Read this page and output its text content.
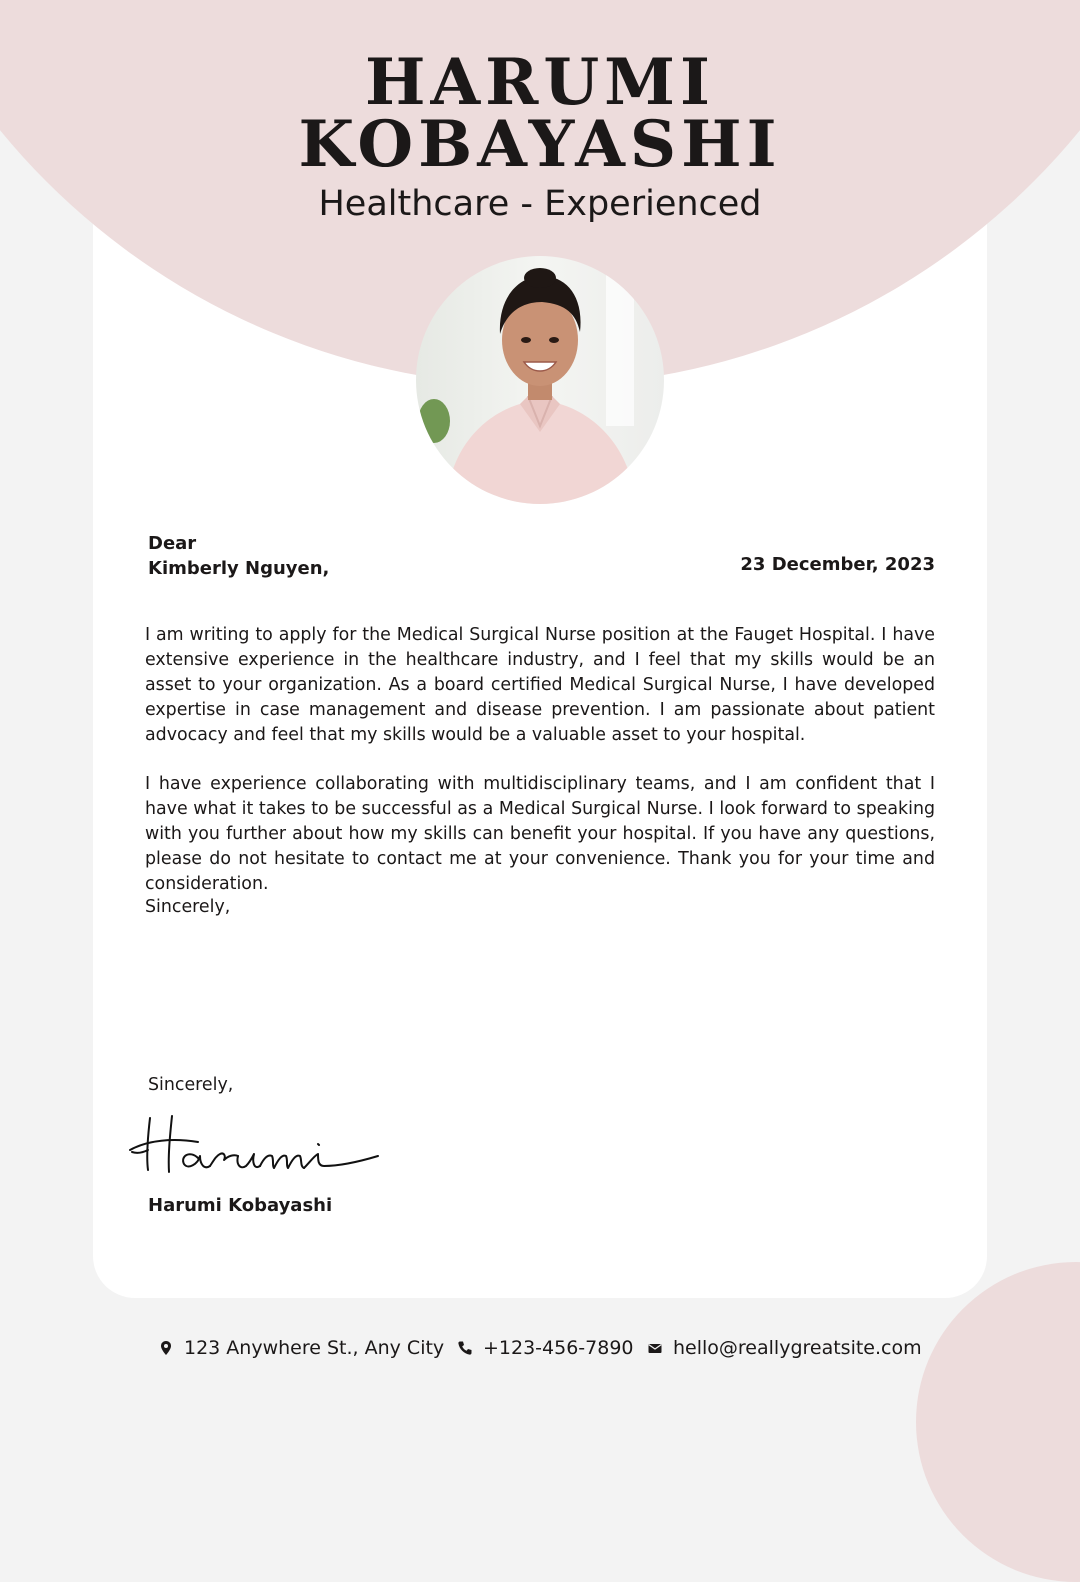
HARUMI
KOBAYASHI
Healthcare - Experienced
Dear
Kimberly Nguyen,	23 December, 2023

I am writing to apply for the Medical Surgical Nurse position at the Fauget Hospital. I have extensive experience in the healthcare industry, and I feel that my skills would be an asset to your organization. As a board certified Medical Surgical Nurse, I have developed expertise in case management and disease prevention. I am passionate about patient advocacy and feel that my skills would be a valuable asset to your hospital.

I have experience collaborating with multidisciplinary teams, and I am confident that I have what it takes to be successful as a Medical Surgical Nurse. I look forward to speaking with you further about how my skills can benefit your hospital. If you have any questions, please do not hesitate to contact me at your convenience. Thank you for your time and consideration.

Sincerely,
Sincerely,
Harumi Kobayashi
123 Anywhere St., Any City +123-456-7890 hello@reallygreatsite.com
